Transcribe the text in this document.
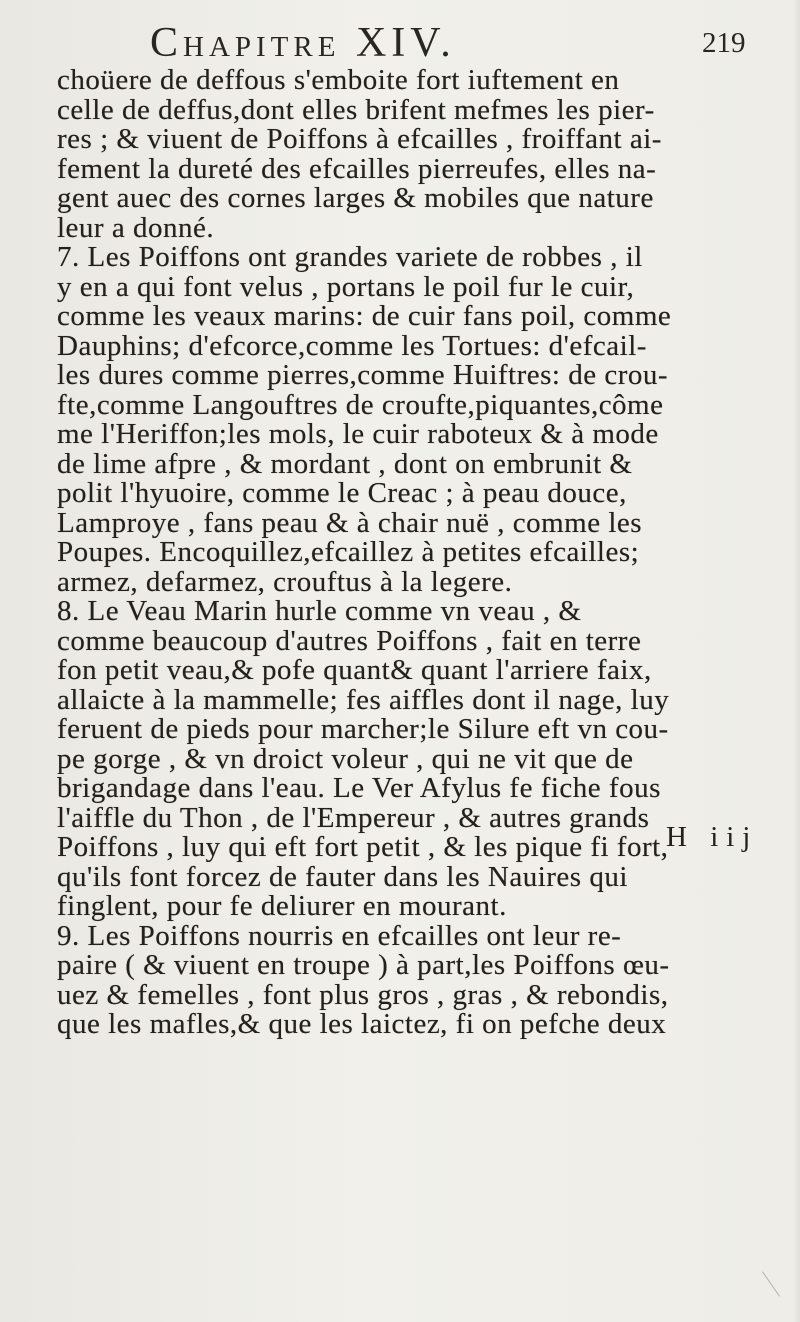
Chapitre XIV.	219
choüere de deffous s'emboite fort iuftement en
celle de deffus,dont elles brifent mefmes les pier-
res ; & viuent de Poiffons à efcailles , froiffant ai-
fement la dureté des efcailles pierreufes, elles na-
gent auec des cornes larges & mobiles que nature
leur a donné.
7. Les Poiffons ont grandes variete de robbes , il
y en a qui font velus , portans le poil fur le cuir,
comme les veaux marins: de cuir fans poil, comme
Dauphins; d'efcorce,comme les Tortues: d'efcail-
les dures comme pierres,comme Huiftres: de crou-
fte,comme Langouftres de croufte,piquantes,côme
me l'Heriffon;les mols, le cuir raboteux & à mode
de lime afpre , & mordant , dont on embrunit &
polit l'hyuoire, comme le Creac ; à peau douce,
Lamproye , fans peau & à chair nuë , comme les
Poupes. Encoquillez,efcaillez à petites efcailles;
armez, defarmez, crouftus à la legere.
8. Le Veau Marin hurle comme vn veau , &
comme beaucoup d'autres Poiffons , fait en terre
fon petit veau,& pofe quant& quant l'arriere faix,
allaicte à la mammelle; fes aiffles dont il nage, luy
feruent de pieds pour marcher;le Silure eft vn cou-
pe gorge , & vn droict voleur , qui ne vit que de
brigandage dans l'eau. Le Ver Afylus fe fiche fous
l'aiffle du Thon , de l'Empereur , & autres grands
Poiffons , luy qui eft fort petit , & les pique fi fort,
qu'ils font forcez de fauter dans les Nauires qui
finglent, pour fe deliurer en mourant.
9. Les Poiffons nourris en efcailles ont leur re-
paire ( & viuent en troupe ) à part,les Poiffons œu-
uez & femelles , font plus gros , gras , & rebondis,
que les mafles,& que les laictez, fi on pefche deux
H iij
